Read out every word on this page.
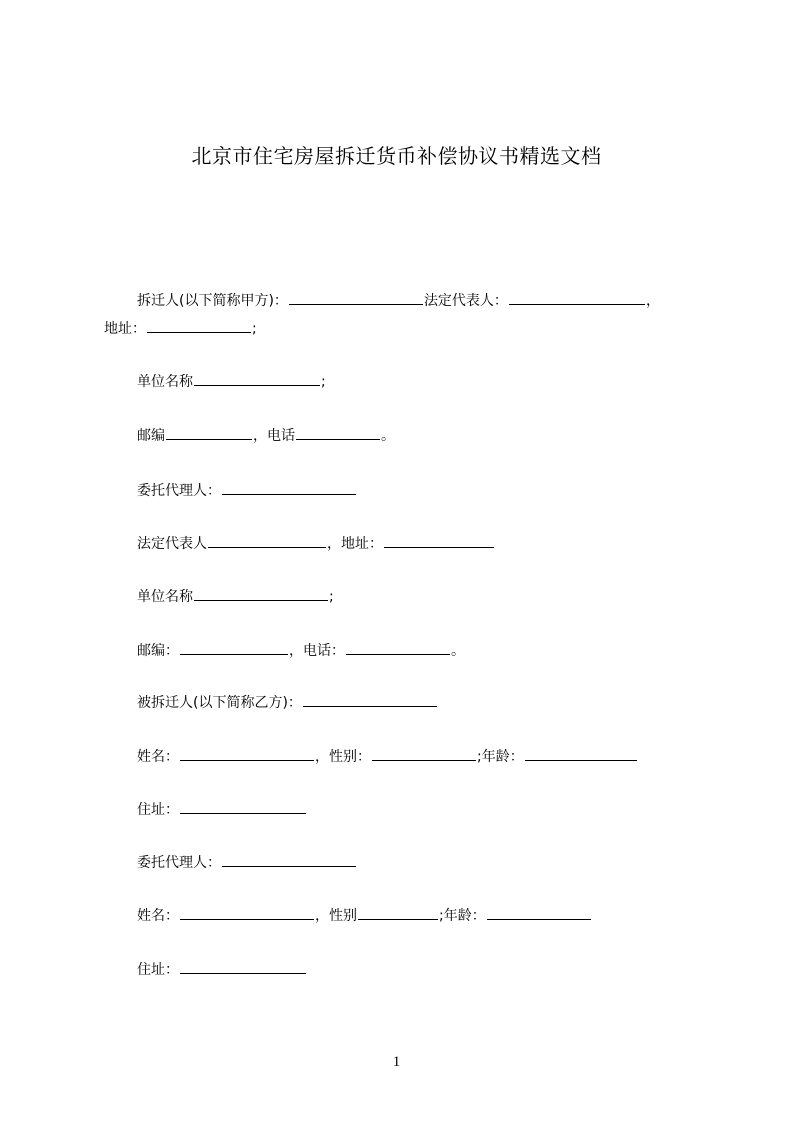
北京市住宅房屋拆迁货币补偿协议书精选文档
拆迁人(以下简称甲方)：	法定代表人：	，
地址：	;
单位名称	;
邮编	，电话	。
委托代理人：
法定代表人	，地址：
单位名称	;
邮编：	，电话：	。
被拆迁人(以下简称乙方)：
姓名：	，性别：	;年龄：
住址：
委托代理人：
姓名：	，性别	;年龄：
住址：
1
